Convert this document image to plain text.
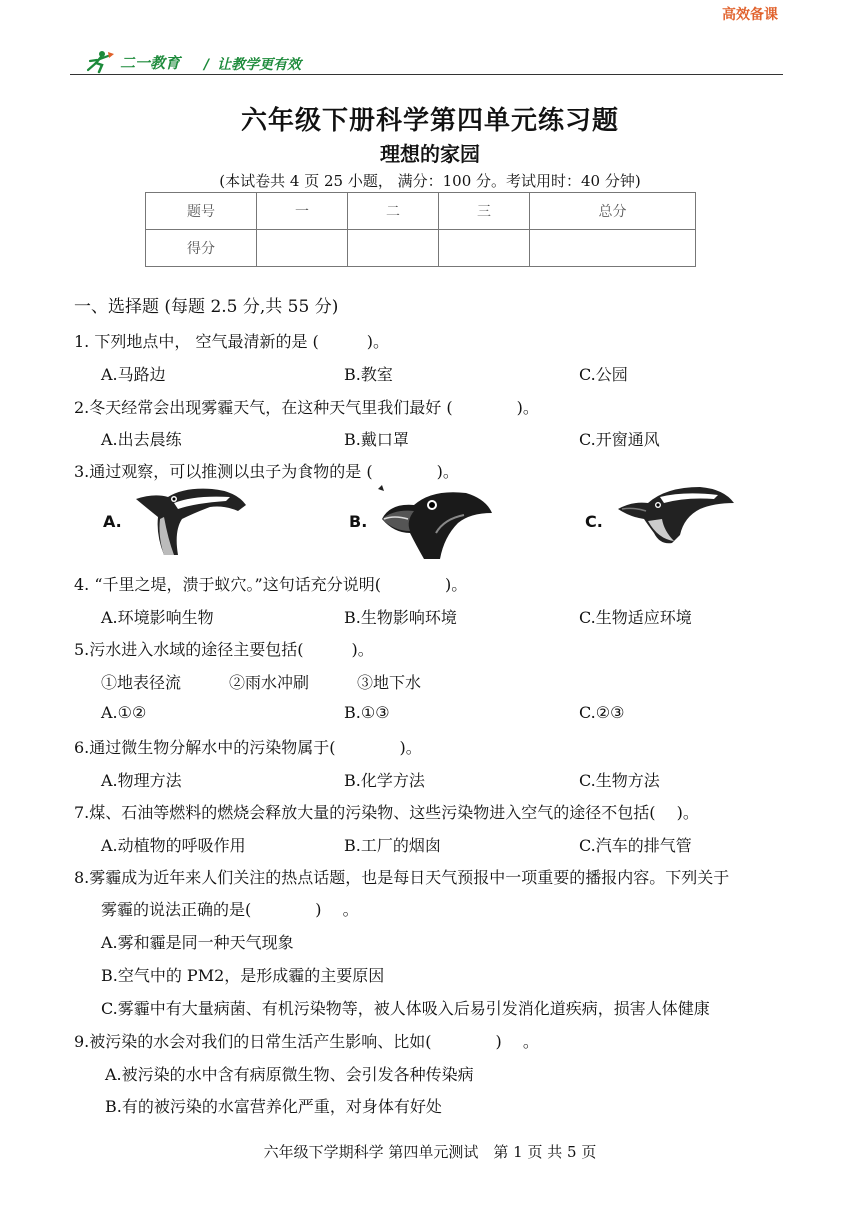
二一教育 / 让教学更有效
高效备课
六年级下册科学第四单元练习题
理想的家园
(本试卷共 4 页 25 小题， 满分：100 分。考试用时：40 分钟)
题号	一	二	三	总分
得分				
一、选择题 (每题 2.5 分,共 55 分)
1. 下列地点中， 空气最清新的是 (　　　)。
A.马路边	B.教室	C.公园
2.冬天经常会出现雾霾天气，在这种天气里我们最好 (　　　　)。
A.出去晨练	B.戴口罩	C.开窗通风
3.通过观察，可以推测以虫子为食物的是 (　　　　)。
A.	B.	C.
4. “千里之堤，溃于蚁穴。”这句话充分说明(　　　　)。
A.环境影响生物	B.生物影响环境	C.生物适应环境
5.污水进入水域的途径主要包括(　　　)。
①地表径流　　　②雨水冲刷　　　③地下水
A.①②	B.①③	C.②③
6.通过微生物分解水中的污染物属于(　　　　)。
A.物理方法	B.化学方法	C.生物方法
7.煤、石油等燃料的燃烧会释放大量的污染物、这些污染物进入空气的途径不包括(　 )。
A.动植物的呼吸作用	B.工厂的烟囱	C.汽车的排气管
8.雾霾成为近年来人们关注的热点话题，也是每日天气预报中一项重要的播报内容。下列关于
雾霾的说法正确的是(　　　　)　 。
A.雾和霾是同一种天气现象
B.空气中的 PM2，是形成霾的主要原因
C.雾霾中有大量病菌、有机污染物等，被人体吸入后易引发消化道疾病，损害人体健康
9.被污染的水会对我们的日常生活产生影响、比如(　　　　)　 。
A.被污染的水中含有病原微生物、会引发各种传染病
B.有的被污染的水富营养化严重，对身体有好处
六年级下学期科学 第四单元测试　第 1 页 共 5 页
